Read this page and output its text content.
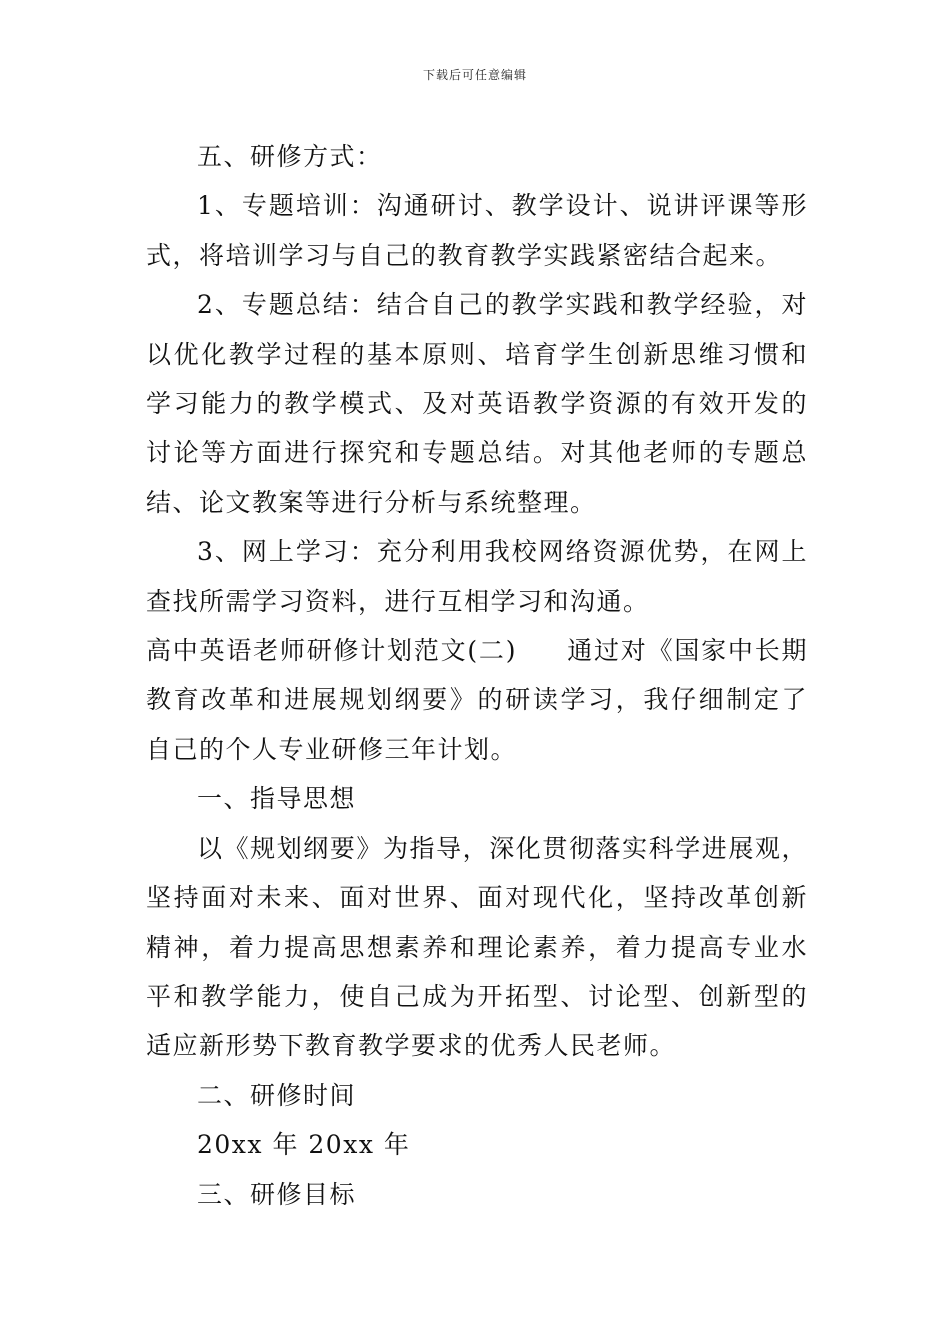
下载后可任意编辑

五、研修方式：

1、专题培训：沟通研讨、教学设计、说讲评课等形式，将培训学习与自己的教育教学实践紧密结合起来。

2、专题总结：结合自己的教学实践和教学经验，对以优化教学过程的基本原则、培育学生创新思维习惯和学习能力的教学模式、及对英语教学资源的有效开发的讨论等方面进行探究和专题总结。对其他老师的专题总结、论文教案等进行分析与系统整理。

3、网上学习：充分利用我校网络资源优势，在网上查找所需学习资料，进行互相学习和沟通。

高中英语老师研修计划范文(二) 通过对《国家中长期教育改革和进展规划纲要》的研读学习，我仔细制定了自己的个人专业研修三年计划。

一、指导思想

以《规划纲要》为指导，深化贯彻落实科学进展观，坚持面对未来、面对世界、面对现代化，坚持改革创新精神，着力提高思想素养和理论素养，着力提高专业水平和教学能力，使自己成为开拓型、讨论型、创新型的适应新形势下教育教学要求的优秀人民老师。

二、研修时间

20xx 年 20xx 年

三、研修目标
